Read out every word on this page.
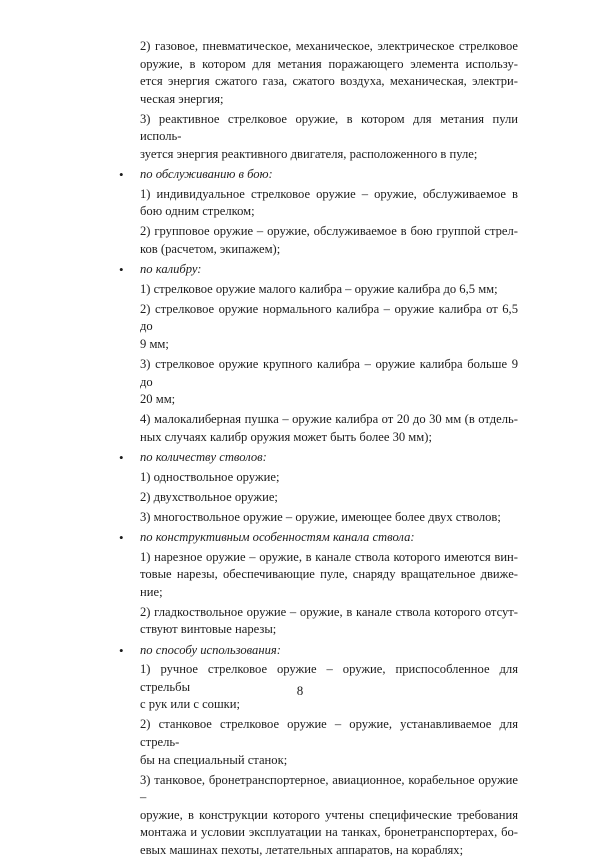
2) газовое, пневматическое, механическое, электрическое стрелковое
оружие, в котором для метания поражающего элемента использу-
ется энергия сжатого газа, сжатого воздуха, механическая, электри-
ческая энергия;
3) реактивное стрелковое оружие, в котором для метания пули исполь-
зуется энергия реактивного двигателя, расположенного в пуле;
• по обслуживанию в бою:
1) индивидуальное стрелковое оружие – оружие, обслуживаемое в
бою одним стрелком;
2) групповое оружие – оружие, обслуживаемое в бою группой стрел-
ков (расчетом, экипажем);
• по калибру:
1) стрелковое оружие малого калибра – оружие калибра до 6,5 мм;
2) стрелковое оружие нормального калибра – оружие калибра от 6,5 до
9 мм;
3) стрелковое оружие крупного калибра – оружие калибра больше 9 до
20 мм;
4) малокалиберная пушка – оружие калибра от 20 до 30 мм (в отдель-
ных случаях калибр оружия может быть более 30 мм);
• по количеству стволов:
1) одноствольное оружие;
2) двухствольное оружие;
3) многоствольное оружие – оружие, имеющее более двух стволов;
• по конструктивным особенностям канала ствола:
1) нарезное оружие – оружие, в канале ствола которого имеются вин-
товые нарезы, обеспечивающие пуле, снаряду вращательное движе-
ние;
2) гладкоствольное оружие – оружие, в канале ствола которого отсут-
ствуют винтовые нарезы;
• по способу использования:
1) ручное стрелковое оружие – оружие, приспособленное для стрельбы
с рук или с сошки;
2) станковое стрелковое оружие – оружие, устанавливаемое для стрель-
бы на специальный станок;
3) танковое, бронетранспортерное, авиационное, корабельное оружие –
оружие, в конструкции которого учтены специфические требования
монтажа и условии эксплуатации на танках, бронетранспортерах, бо-
евых машинах пехоты, летательных аппаратов, на кораблях;
8
